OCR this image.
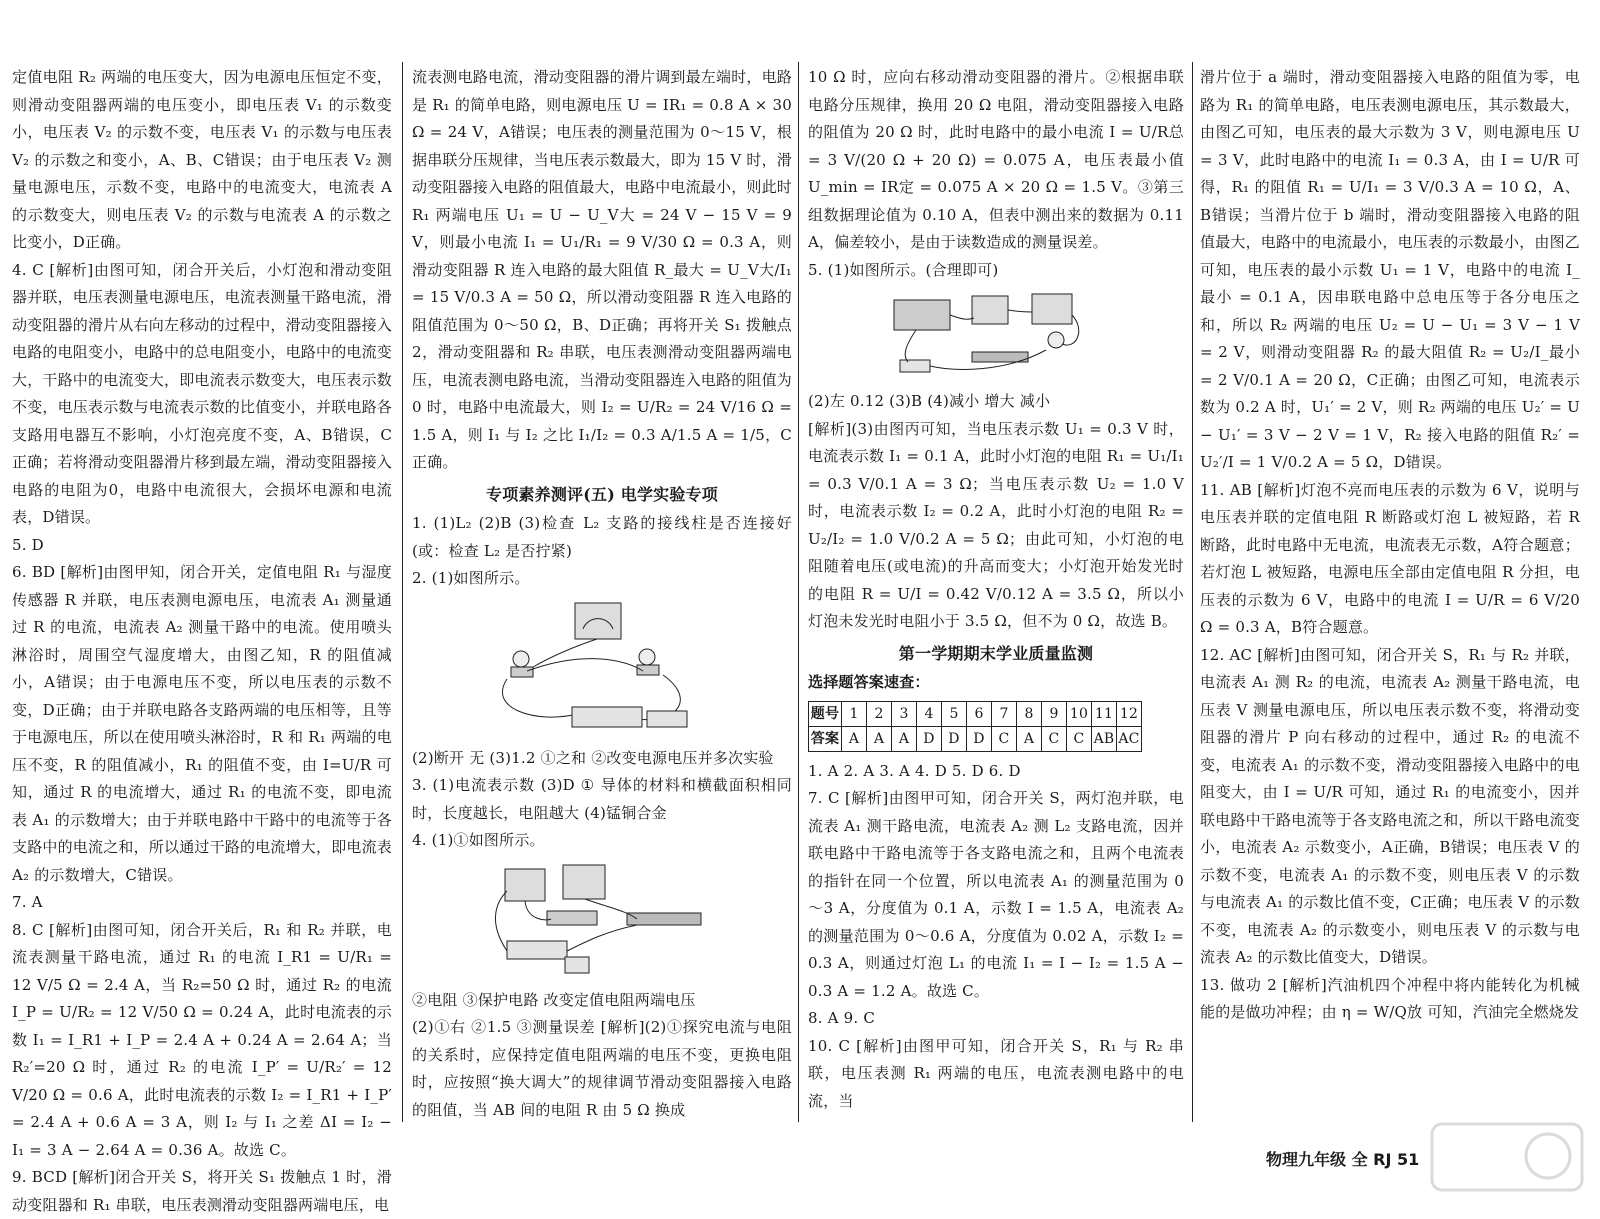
定值电阻 R₂ 两端的电压变大，因为电源电压恒定不变，则滑动变阻器两端的电压变小，即电压表 V₁ 的示数变小，电压表 V₂ 的示数不变，电压表 V₁ 的示数与电压表 V₂ 的示数之和变小，A、B、C错误；由于电压表 V₂ 测量电源电压，示数不变，电路中的电流变大，电流表 A 的示数变大，则电压表 V₂ 的示数与电流表 A 的示数之比变小，D正确。

4. C [解析]由图可知，闭合开关后，小灯泡和滑动变阻器并联，电压表测量电源电压，电流表测量干路电流，滑动变阻器的滑片从右向左移动的过程中，滑动变阻器接入电路的电阻变小，电路中的总电阻变小，电路中的电流变大，干路中的电流变大，即电流表示数变大，电压表示数不变，电压表示数与电流表示数的比值变小，并联电路各支路用电器互不影响，小灯泡亮度不变，A、B错误，C正确；若将滑动变阻器滑片移到最左端，滑动变阻器接入电路的电阻为0，电路中电流很大，会损坏电源和电流表，D错误。

5. D

6. BD [解析]由图甲知，闭合开关，定值电阻 R₁ 与湿度传感器 R 并联，电压表测电源电压，电流表 A₁ 测量通过 R 的电流，电流表 A₂ 测量干路中的电流。使用喷头淋浴时，周围空气湿度增大，由图乙知，R 的阻值减小，A错误；由于电源电压不变，所以电压表的示数不变，D正确；由于并联电路各支路两端的电压相等，且等于电源电压，所以在使用喷头淋浴时，R 和 R₁ 两端的电压不变，R 的阻值减小，R₁ 的阻值不变，由 I=U/R 可知，通过 R 的电流增大，通过 R₁ 的电流不变，即电流表 A₁ 的示数增大；由于并联电路中干路中的电流等于各支路中的电流之和，所以通过干路的电流增大，即电流表 A₂ 的示数增大，C错误。

7. A

8. C [解析]由图可知，闭合开关后，R₁ 和 R₂ 并联，电流表测量干路电流，通过 R₁ 的电流 I_R1 = U/R₁ = 12 V/5 Ω = 2.4 A，当 R₂=50 Ω 时，通过 R₂ 的电流 I_P = U/R₂ = 12 V/50 Ω = 0.24 A，此时电流表的示数 I₁ = I_R1 + I_P = 2.4 A + 0.24 A = 2.64 A；当 R₂′=20 Ω 时，通过 R₂ 的电流 I_P′ = U/R₂′ = 12 V/20 Ω = 0.6 A，此时电流表的示数 I₂ = I_R1 + I_P′ = 2.4 A + 0.6 A = 3 A，则 I₂ 与 I₁ 之差 ΔI = I₂ − I₁ = 3 A − 2.64 A = 0.36 A。故选 C。

9. BCD [解析]闭合开关 S，将开关 S₁ 拨触点 1 时，滑动变阻器和 R₁ 串联，电压表测滑动变阻器两端电压，电

流表测电路电流，滑动变阻器的滑片调到最左端时，电路是 R₁ 的简单电路，则电源电压 U = IR₁ = 0.8 A × 30 Ω = 24 V，A错误；电压表的测量范围为 0～15 V，根据串联分压规律，当电压表示数最大，即为 15 V 时，滑动变阻器接入电路的阻值最大，电路中电流最小，则此时 R₁ 两端电压 U₁ = U − U_V大 = 24 V − 15 V = 9 V，则最小电流 I₁ = U₁/R₁ = 9 V/30 Ω = 0.3 A，则滑动变阻器 R 连入电路的最大阻值 R_最大 = U_V大/I₁ = 15 V/0.3 A = 50 Ω，所以滑动变阻器 R 连入电路的阻值范围为 0～50 Ω，B、D正确；再将开关 S₁ 拨触点 2，滑动变阻器和 R₂ 串联，电压表测滑动变阻器两端电压，电流表测电路电流，当滑动变阻器连入电路的阻值为 0 时，电路中电流最大，则 I₂ = U/R₂ = 24 V/16 Ω = 1.5 A，则 I₁ 与 I₂ 之比 I₁/I₂ = 0.3 A/1.5 A = 1/5，C正确。

专项素养测评(五) 电学实验专项

1. (1)L₂ (2)B (3)检查 L₂ 支路的接线柱是否连接好(或：检查 L₂ 是否拧紧)

2. (1)如图所示。

(2)断开 无 (3)1.2 ①之和 ②改变电源电压并多次实验

3. (1)电流表示数 (3)D ① 导体的材料和横截面积相同时，长度越长，电阻越大 (4)锰铜合金

4. (1)①如图所示。

②电阻 ③保护电路 改变定值电阻两端电压

(2)①右 ②1.5 ③测量误差 [解析](2)①探究电流与电阻的关系时，应保持定值电阻两端的电压不变，更换电阻时，应按照“换大调大”的规律调节滑动变阻器接入电路的阻值，当 AB 间的电阻 R 由 5 Ω 换成

10 Ω 时，应向右移动滑动变阻器的滑片。②根据串联电路分压规律，换用 20 Ω 电阻，滑动变阻器接入电路的阻值为 20 Ω 时，此时电路中的最小电流 I = U/R总 = 3 V/(20 Ω + 20 Ω) = 0.075 A，电压表最小值 U_min = IR定 = 0.075 A × 20 Ω = 1.5 V。③第三组数据理论值为 0.10 A，但表中测出来的数据为 0.11 A，偏差较小，是由于读数造成的测量误差。

5. (1)如图所示。(合理即可)

(2)左 0.12 (3)B (4)减小 增大 减小

[解析](3)由图丙可知，当电压表示数 U₁ = 0.3 V 时，电流表示数 I₁ = 0.1 A，此时小灯泡的电阻 R₁ = U₁/I₁ = 0.3 V/0.1 A = 3 Ω；当电压表示数 U₂ = 1.0 V 时，电流表示数 I₂ = 0.2 A，此时小灯泡的电阻 R₂ = U₂/I₂ = 1.0 V/0.2 A = 5 Ω；由此可知，小灯泡的电阻随着电压(或电流)的升高而变大；小灯泡开始发光时的电阻 R = U/I = 0.42 V/0.12 A = 3.5 Ω，所以小灯泡未发光时电阻小于 3.5 Ω，但不为 0 Ω，故选 B。

第一学期期末学业质量监测
选择题答案速查：
题号	1	2	3	4	5	6	7	8	9	10	11	12
答案	A	A	A	D	D	D	C	A	C	C	AB	AC

1. A 2. A 3. A 4. D 5. D 6. D

7. C [解析]由图甲可知，闭合开关 S，两灯泡并联，电流表 A₁ 测干路电流，电流表 A₂ 测 L₂ 支路电流，因并联电路中干路电流等于各支路电流之和，且两个电流表的指针在同一个位置，所以电流表 A₁ 的测量范围为 0～3 A，分度值为 0.1 A，示数 I = 1.5 A，电流表 A₂ 的测量范围为 0～0.6 A，分度值为 0.02 A，示数 I₂ = 0.3 A，则通过灯泡 L₁ 的电流 I₁ = I − I₂ = 1.5 A − 0.3 A = 1.2 A。故选 C。

8. A 9. C

10. C [解析]由图甲可知，闭合开关 S，R₁ 与 R₂ 串联，电压表测 R₁ 两端的电压，电流表测电路中的电流，当

滑片位于 a 端时，滑动变阻器接入电路的阻值为零，电路为 R₁ 的简单电路，电压表测电源电压，其示数最大，由图乙可知，电压表的最大示数为 3 V，则电源电压 U = 3 V，此时电路中的电流 I₁ = 0.3 A，由 I = U/R 可得，R₁ 的阻值 R₁ = U/I₁ = 3 V/0.3 A = 10 Ω，A、B错误；当滑片位于 b 端时，滑动变阻器接入电路的阻值最大，电路中的电流最小，电压表的示数最小，由图乙可知，电压表的最小示数 U₁ = 1 V，电路中的电流 I_最小 = 0.1 A，因串联电路中总电压等于各分电压之和，所以 R₂ 两端的电压 U₂ = U − U₁ = 3 V − 1 V = 2 V，则滑动变阻器 R₂ 的最大阻值 R₂ = U₂/I_最小 = 2 V/0.1 A = 20 Ω，C正确；由图乙可知，电流表示数为 0.2 A 时，U₁′ = 2 V，则 R₂ 两端的电压 U₂′ = U − U₁′ = 3 V − 2 V = 1 V，R₂ 接入电路的阻值 R₂′ = U₂′/I = 1 V/0.2 A = 5 Ω，D错误。

11. AB [解析]灯泡不亮而电压表的示数为 6 V，说明与电压表并联的定值电阻 R 断路或灯泡 L 被短路，若 R 断路，此时电路中无电流，电流表无示数，A符合题意；若灯泡 L 被短路，电源电压全部由定值电阻 R 分担，电压表的示数为 6 V，电路中的电流 I = U/R = 6 V/20 Ω = 0.3 A，B符合题意。

12. AC [解析]由图可知，闭合开关 S，R₁ 与 R₂ 并联，电流表 A₁ 测 R₂ 的电流，电流表 A₂ 测量干路电流，电压表 V 测量电源电压，所以电压表示数不变，将滑动变阻器的滑片 P 向右移动的过程中，通过 R₂ 的电流不变，电流表 A₁ 的示数不变，滑动变阻器接入电路中的电阻变大，由 I = U/R 可知，通过 R₁ 的电流变小，因并联电路中干路电流等于各支路电流之和，所以干路电流变小，电流表 A₂ 示数变小，A正确，B错误；电压表 V 的示数不变，电流表 A₁ 的示数不变，则电压表 V 的示数与电流表 A₁ 的示数比值不变，C正确；电压表 V 的示数不变，电流表 A₂ 的示数变小，则电压表 V 的示数与电流表 A₂ 的示数比值变大，D错误。

13. 做功 2 [解析]汽油机四个冲程中将内能转化为机械能的是做功冲程；由 η = W/Q放 可知，汽油完全燃烧发

物理九年级 全 RJ 51
